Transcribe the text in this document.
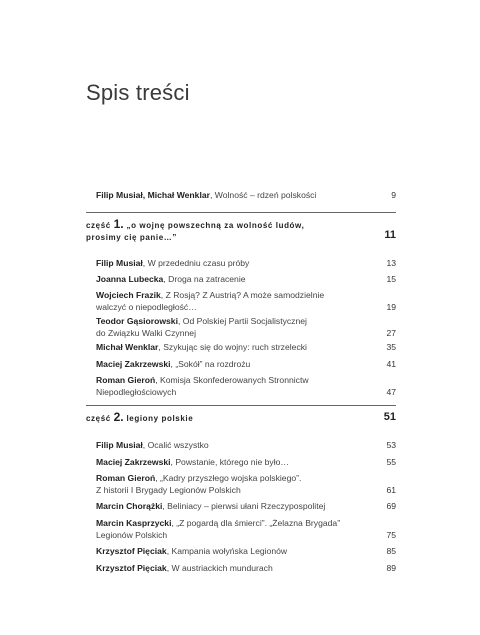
Spis treści
Filip Musiał, Michał Wenklar, Wolność – rdzeń polskości	9
część 1. „o wojnę powszechną za wolność ludów,
prosimy cię panie…”	11
Filip Musiał, W przededniu czasu próby	13
Joanna Lubecka, Droga na zatracenie	15
Wojciech Frazik, Z Rosją? Z Austrią? A może samodzielnie
walczyć o niepodległość…	19
Teodor Gąsiorowski, Od Polskiej Partii Socjalistycznej
do Związku Walki Czynnej	27
Michał Wenklar, Szykując się do wojny: ruch strzelecki	35
Maciej Zakrzewski, „Sokół” na rozdrożu	41
Roman Gieroń, Komisja Skonfederowanych Stronnictw
Niepodległościowych	47
część 2. legiony polskie	51
Filip Musiał, Ocalić wszystko	53
Maciej Zakrzewski, Powstanie, którego nie było…	55
Roman Gieroń, „Kadry przyszłego wojska polskiego”.
Z historii I Brygady Legionów Polskich	61
Marcin Chorążki, Beliniacy – pierwsi ułani Rzeczypospolitej	69
Marcin Kasprzycki, „Z pogardą dla śmierci”. „Żelazna Brygada”
Legionów Polskich	75
Krzysztof Pięciak, Kampania wołyńska Legionów	85
Krzysztof Pięciak, W austriackich mundurach	89
